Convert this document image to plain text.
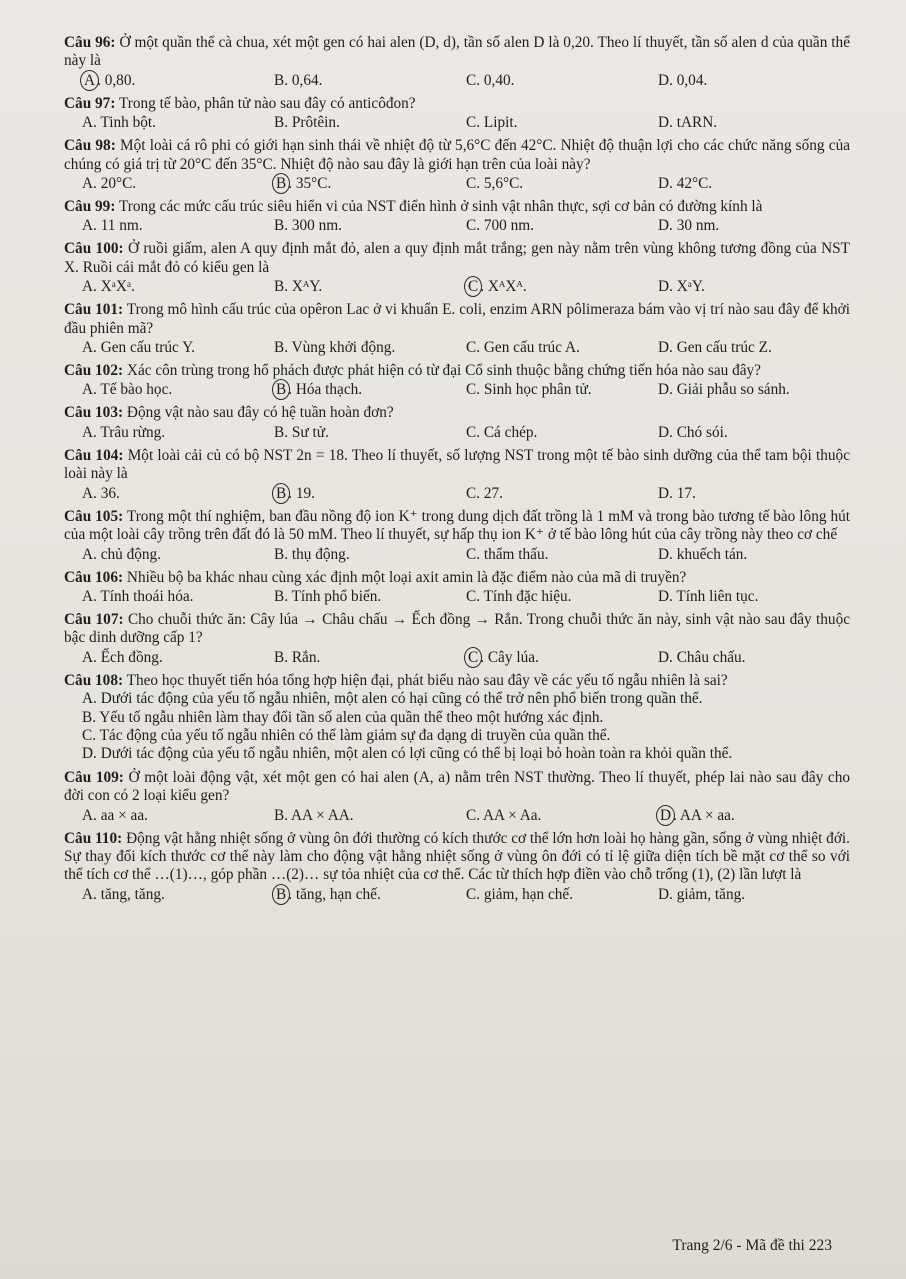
Câu 96: Ở một quần thể cà chua, xét một gen có hai alen (D, d), tần số alen D là 0,20. Theo lí thuyết, tần số alen d của quần thể này là
A . 0,80.	B. 0,64.	C. 0,40.	D. 0,04.
Câu 97: Trong tế bào, phân tử nào sau đây có anticôđon?
A. Tinh bột.	B. Prôtêin.	C. Lipit.	D. tARN.
Câu 98: Một loài cá rô phi có giới hạn sinh thái về nhiệt độ từ 5,6°C đến 42°C. Nhiệt độ thuận lợi cho các chức năng sống của chúng có giá trị từ 20°C đến 35°C. Nhiệt độ nào sau đây là giới hạn trên của loài này?
A. 20°C.	B . 35°C.	C. 5,6°C.	D. 42°C.
Câu 99: Trong các mức cấu trúc siêu hiển vi của NST điển hình ở sinh vật nhân thực, sợi cơ bản có đường kính là
A. 11 nm.	B. 300 nm.	C. 700 nm.	D. 30 nm.
Câu 100: Ở ruồi giấm, alen A quy định mắt đỏ, alen a quy định mắt trắng; gen này nằm trên vùng không tương đồng của NST X. Ruồi cái mắt đỏ có kiểu gen là
A. XᵃXᵃ.	B. XᴬY.	C . XᴬXᴬ.	D. XᵃY.
Câu 101: Trong mô hình cấu trúc của opêron Lac ở vi khuẩn E. coli, enzim ARN pôlimeraza bám vào vị trí nào sau đây để khởi đầu phiên mã?
A. Gen cấu trúc Y.	B. Vùng khởi động.	C. Gen cấu trúc A.	D. Gen cấu trúc Z.
Câu 102: Xác côn trùng trong hổ phách được phát hiện có từ đại Cổ sinh thuộc bằng chứng tiến hóa nào sau đây?
A. Tế bào học.	B . Hóa thạch.	C. Sinh học phân tử.	D. Giải phẫu so sánh.
Câu 103: Động vật nào sau đây có hệ tuần hoàn đơn?
A. Trâu rừng.	B. Sư tử.	C. Cá chép.	D. Chó sói.
Câu 104: Một loài cải củ có bộ NST 2n = 18. Theo lí thuyết, số lượng NST trong một tế bào sinh dưỡng của thể tam bội thuộc loài này là
A. 36.	B . 19.	C. 27.	D. 17.
Câu 105: Trong một thí nghiệm, ban đầu nồng độ ion K⁺ trong dung dịch đất trồng là 1 mM và trong bào tương tế bào lông hút của một loài cây trồng trên đất đó là 50 mM. Theo lí thuyết, sự hấp thụ ion K⁺ ở tế bào lông hút của cây trồng này theo cơ chế
A. chủ động.	B. thụ động.	C. thẩm thấu.	D. khuếch tán.
Câu 106: Nhiều bộ ba khác nhau cùng xác định một loại axit amin là đặc điểm nào của mã di truyền?
A. Tính thoái hóa.	B. Tính phổ biến.	C. Tính đặc hiệu.	D. Tính liên tục.
Câu 107: Cho chuỗi thức ăn: Cây lúa → Châu chấu → Ếch đồng → Rắn. Trong chuỗi thức ăn này, sinh vật nào sau đây thuộc bậc dinh dưỡng cấp 1?
A. Ếch đồng.	B. Rắn.	C . Cây lúa.	D. Châu chấu.
Câu 108: Theo học thuyết tiến hóa tổng hợp hiện đại, phát biểu nào sau đây về các yếu tố ngẫu nhiên là sai?
A. Dưới tác động của yếu tố ngẫu nhiên, một alen có hại cũng có thể trở nên phổ biến trong quần thể.
B. Yếu tố ngẫu nhiên làm thay đổi tần số alen của quần thể theo một hướng xác định.
C. Tác động của yếu tố ngẫu nhiên có thể làm giảm sự đa dạng di truyền của quần thể.
D. Dưới tác động của yếu tố ngẫu nhiên, một alen có lợi cũng có thể bị loại bỏ hoàn toàn ra khỏi quần thể.
Câu 109: Ở một loài động vật, xét một gen có hai alen (A, a) nằm trên NST thường. Theo lí thuyết, phép lai nào sau đây cho đời con có 2 loại kiểu gen?
A. aa × aa.	B. AA × AA.	C. AA × Aa.	D . AA × aa.
Câu 110: Động vật hằng nhiệt sống ở vùng ôn đới thường có kích thước cơ thể lớn hơn loài họ hàng gần, sống ở vùng nhiệt đới. Sự thay đổi kích thước cơ thể này làm cho động vật hằng nhiệt sống ở vùng ôn đới có tỉ lệ giữa diện tích bề mặt cơ thể so với thể tích cơ thể …(1)…, góp phần …(2)… sự tỏa nhiệt của cơ thể. Các từ thích hợp điền vào chỗ trống (1), (2) lần lượt là
A. tăng, tăng.	B . tăng, hạn chế.	C. giảm, hạn chế.	D. giảm, tăng.
Trang 2/6 - Mã đề thi 223
